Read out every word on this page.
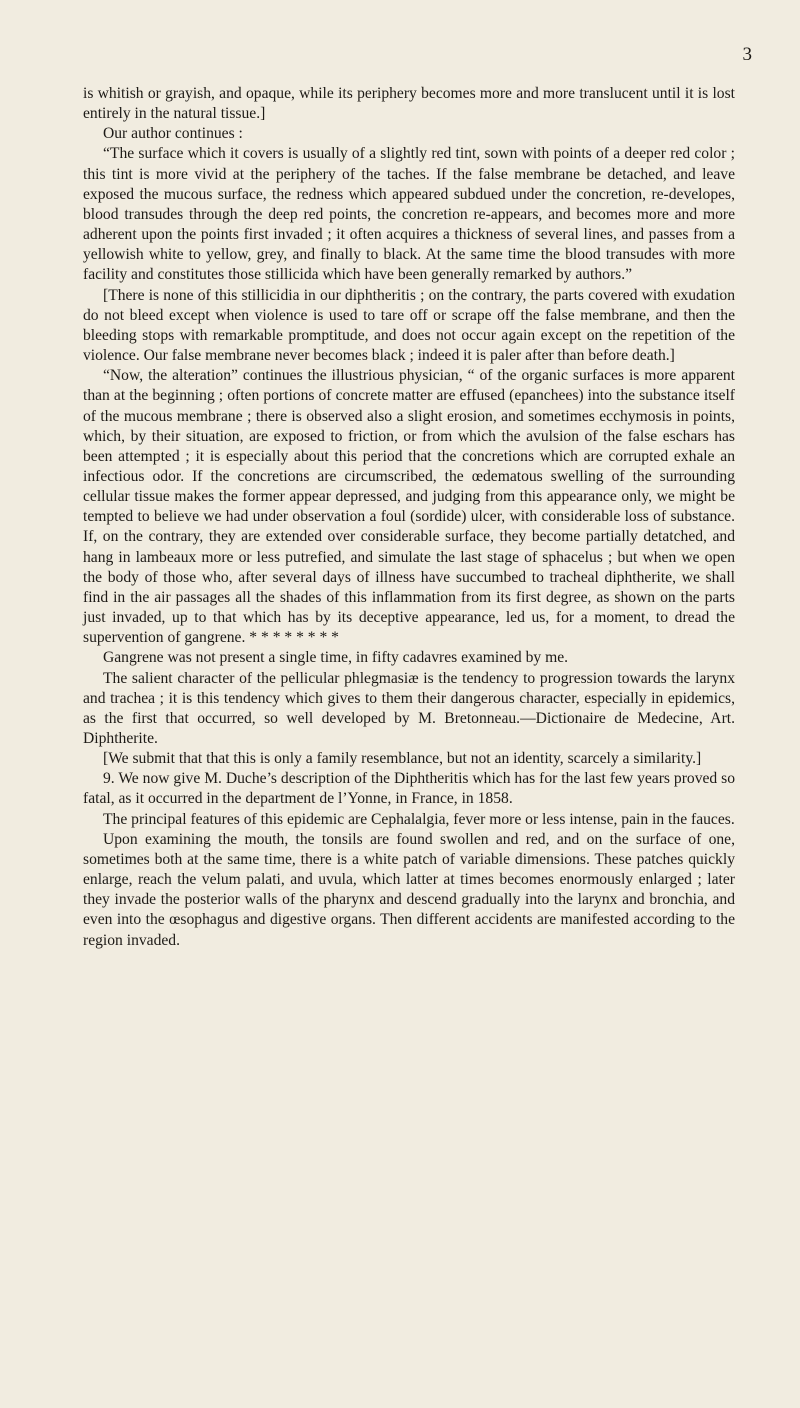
3

is whitish or grayish, and opaque, while its periphery becomes more and more translucent until it is lost entirely in the natural tissue.]

Our author continues :

“The surface which it covers is usually of a slightly red tint, sown with points of a deeper red color ; this tint is more vivid at the periphery of the taches. If the false membrane be detached, and leave exposed the mucous surface, the redness which appeared subdued under the concretion, re-developes, blood transudes through the deep red points, the concretion re-appears, and becomes more and more adherent upon the points first invaded ; it often acquires a thickness of several lines, and passes from a yellowish white to yellow, grey, and finally to black. At the same time the blood transudes with more facility and constitutes those stillicida which have been generally remarked by authors.”

[There is none of this stillicidia in our diphtheritis ; on the contrary, the parts covered with exudation do not bleed except when violence is used to tare off or scrape off the false membrane, and then the bleeding stops with remarkable promptitude, and does not occur again except on the repetition of the violence. Our false membrane never becomes black ; indeed it is paler after than before death.]

“Now, the alteration” continues the illustrious physician, “ of the organic surfaces is more apparent than at the beginning ; often portions of concrete matter are effused (epanchees) into the substance itself of the mucous membrane ; there is observed also a slight erosion, and sometimes ecchymosis in points, which, by their situation, are exposed to friction, or from which the avulsion of the false eschars has been attempted ; it is especially about this period that the concretions which are corrupted exhale an infectious odor. If the concretions are circumscribed, the œdematous swelling of the surrounding cellular tissue makes the former appear depressed, and judging from this appearance only, we might be tempted to believe we had under observation a foul (sordide) ulcer, with considerable loss of substance. If, on the contrary, they are extended over considerable surface, they become partially detatched, and hang in lambeaux more or less putrefied, and simulate the last stage of sphacelus ; but when we open the body of those who, after several days of illness have succumbed to tracheal diphtherite, we shall find in the air passages all the shades of this inflammation from its first degree, as shown on the parts just invaded, up to that which has by its deceptive appearance, led us, for a moment, to dread the supervention of gangrene. * * * * * * * *

Gangrene was not present a single time, in fifty cadavres examined by me.

The salient character of the pellicular phlegmasiæ is the tendency to progression towards the larynx and trachea ; it is this tendency which gives to them their dangerous character, especially in epidemics, as the first that occurred, so well developed by M. Bretonneau.—Dictionaire de Medecine, Art. Diphtherite.

[We submit that that this is only a family resemblance, but not an identity, scarcely a similarity.]

9. We now give M. Duche’s description of the Diphtheritis which has for the last few years proved so fatal, as it occurred in the department de l’Yonne, in France, in 1858.

The principal features of this epidemic are Cephalalgia, fever more or less intense, pain in the fauces.

Upon examining the mouth, the tonsils are found swollen and red, and on the surface of one, sometimes both at the same time, there is a white patch of variable dimensions. These patches quickly enlarge, reach the velum palati, and uvula, which latter at times becomes enormously enlarged ; later they invade the posterior walls of the pharynx and descend gradually into the larynx and bronchia, and even into the œsophagus and digestive organs. Then different accidents are manifested according to the region invaded.
